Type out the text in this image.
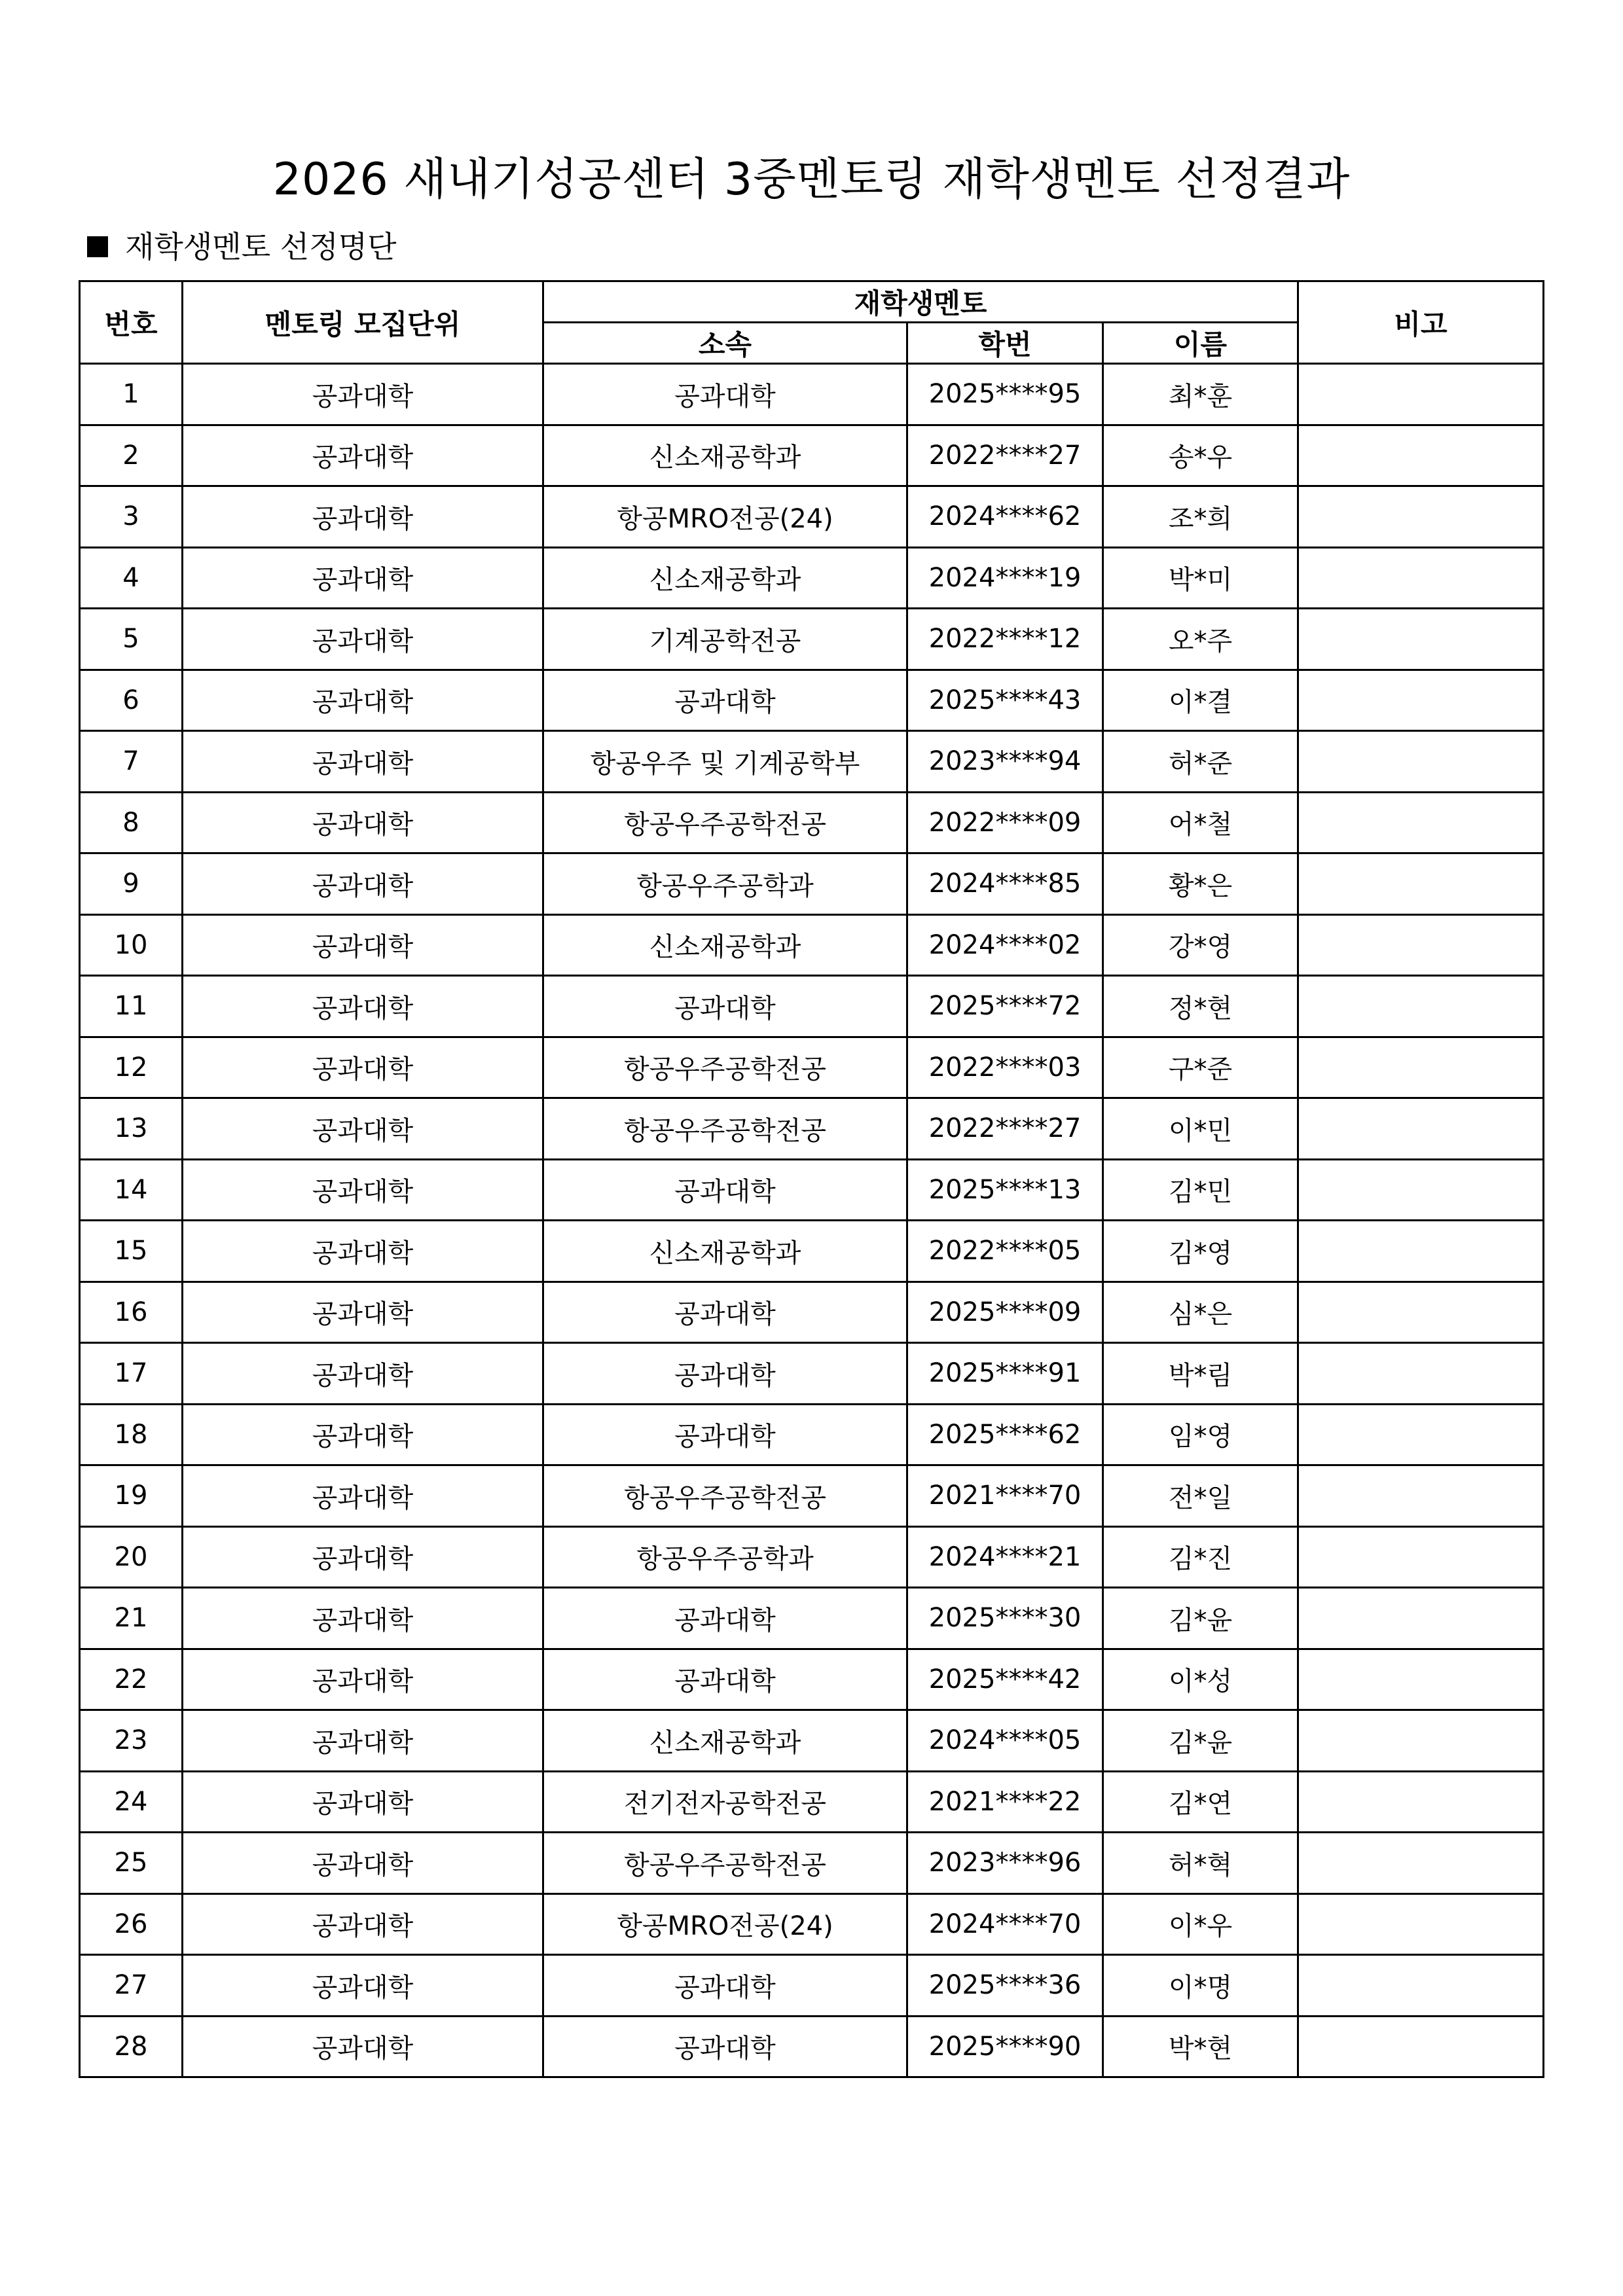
2026 새내기성공센터 3중멘토링 재학생멘토 선정결과
재학생멘토 선정명단
번호	멘토링 모집단위	재학생멘토			비고
		소속	학번	이름	
1	공과대학	공과대학	2025****95	최*훈	
2	공과대학	신소재공학과	2022****27	송*우	
3	공과대학	항공MRO전공(24)	2024****62	조*희	
4	공과대학	신소재공학과	2024****19	박*미	
5	공과대학	기계공학전공	2022****12	오*주	
6	공과대학	공과대학	2025****43	이*결	
7	공과대학	항공우주 및 기계공학부	2023****94	허*준	
8	공과대학	항공우주공학전공	2022****09	어*철	
9	공과대학	항공우주공학과	2024****85	황*은	
10	공과대학	신소재공학과	2024****02	강*영	
11	공과대학	공과대학	2025****72	정*현	
12	공과대학	항공우주공학전공	2022****03	구*준	
13	공과대학	항공우주공학전공	2022****27	이*민	
14	공과대학	공과대학	2025****13	김*민	
15	공과대학	신소재공학과	2022****05	김*영	
16	공과대학	공과대학	2025****09	심*은	
17	공과대학	공과대학	2025****91	박*림	
18	공과대학	공과대학	2025****62	임*영	
19	공과대학	항공우주공학전공	2021****70	전*일	
20	공과대학	항공우주공학과	2024****21	김*진	
21	공과대학	공과대학	2025****30	김*윤	
22	공과대학	공과대학	2025****42	이*성	
23	공과대학	신소재공학과	2024****05	김*윤	
24	공과대학	전기전자공학전공	2021****22	김*연	
25	공과대학	항공우주공학전공	2023****96	허*혁	
26	공과대학	항공MRO전공(24)	2024****70	이*우	
27	공과대학	공과대학	2025****36	이*명	
28	공과대학	공과대학	2025****90	박*현	
